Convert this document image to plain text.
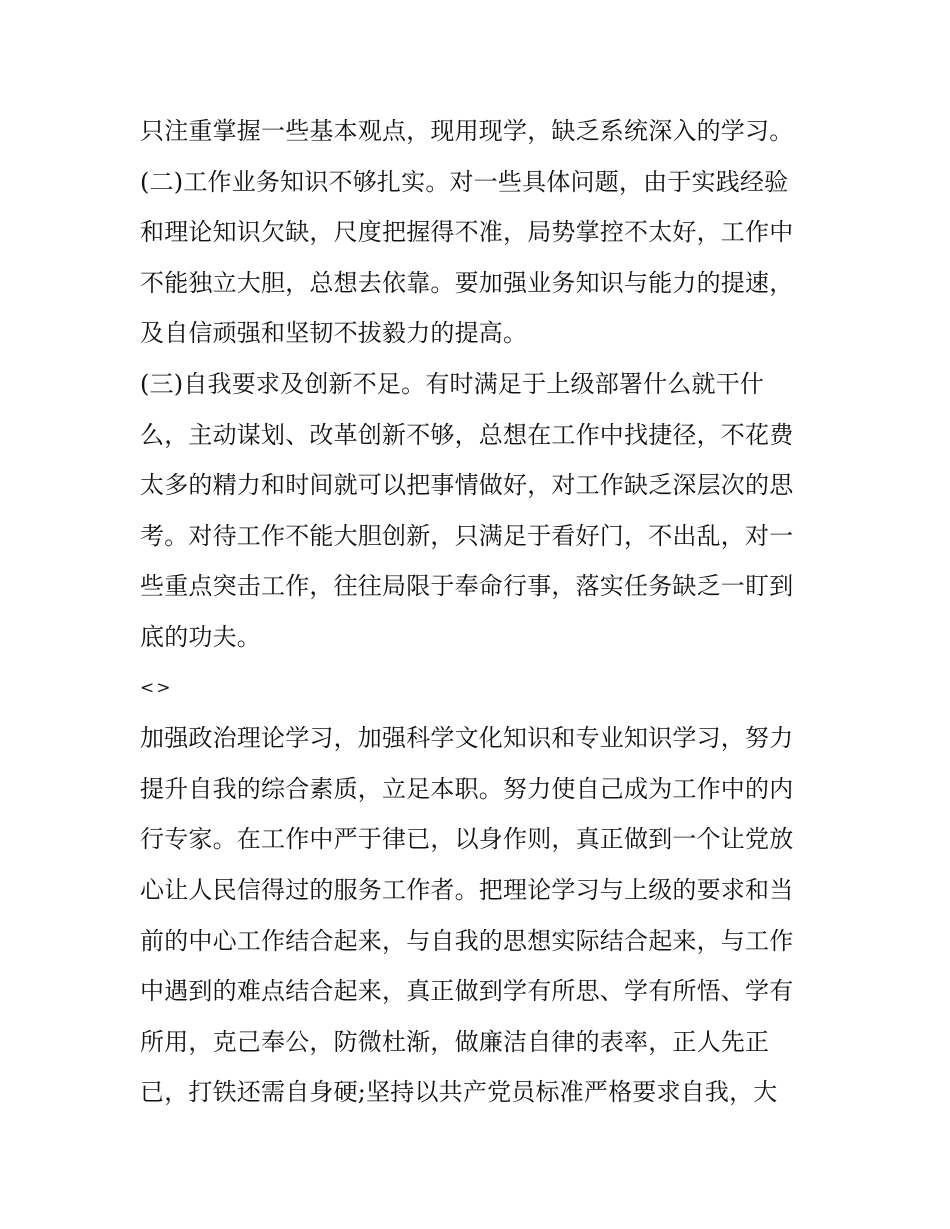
只注重掌握一些基本观点，现用现学，缺乏系统深入的学习。
(二)工作业务知识不够扎实。对一些具体问题，由于实践经验
和理论知识欠缺，尺度把握得不准，局势掌控不太好，工作中
不能独立大胆，总想去依靠。要加强业务知识与能力的提速，
及自信顽强和坚韧不拔毅力的提高。
(三)自我要求及创新不足。有时满足于上级部署什么就干什
么，主动谋划、改革创新不够，总想在工作中找捷径，不花费
太多的精力和时间就可以把事情做好，对工作缺乏深层次的思
考。对待工作不能大胆创新，只满足于看好门，不出乱，对一
些重点突击工作，往往局限于奉命行事，落实任务缺乏一盯到
底的功夫。
<>
加强政治理论学习，加强科学文化知识和专业知识学习，努力
提升自我的综合素质，立足本职。努力使自己成为工作中的内
行专家。在工作中严于律已，以身作则，真正做到一个让党放
心让人民信得过的服务工作者。把理论学习与上级的要求和当
前的中心工作结合起来，与自我的思想实际结合起来，与工作
中遇到的难点结合起来，真正做到学有所思、学有所悟、学有
所用，克己奉公，防微杜渐，做廉洁自律的表率，正人先正
已，打铁还需自身硬;坚持以共产党员标准严格要求自我，大
